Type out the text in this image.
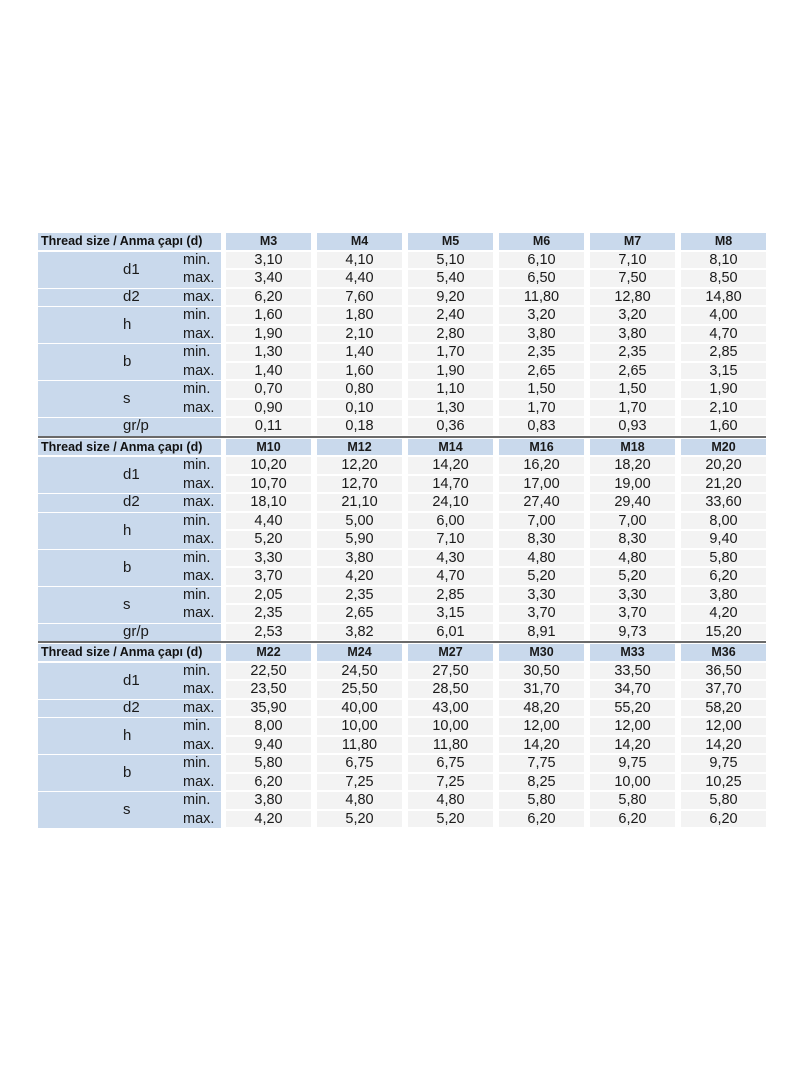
Thread size / Anma çapı (d)	M3	M4	M5	M6	M7	M8
d1
min.	3,10	4,10	5,10	6,10	7,10	8,10
max.	3,40	4,40	5,40	6,50	7,50	8,50
d2	max.	6,20	7,60	9,20	11,80	12,80	14,80
h
min.	1,60	1,80	2,40	3,20	3,20	4,00
max.	1,90	2,10	2,80	3,80	3,80	4,70
b
min.	1,30	1,40	1,70	2,35	2,35	2,85
max.	1,40	1,60	1,90	2,65	2,65	3,15
s
min.	0,70	0,80	1,10	1,50	1,50	1,90
max.	0,90	0,10	1,30	1,70	1,70	2,10
gr/p	0,11	0,18	0,36	0,83	0,93	1,60
Thread size / Anma çapı (d)	M10	M12	M14	M16	M18	M20
d1
min.	10,20	12,20	14,20	16,20	18,20	20,20
max.	10,70	12,70	14,70	17,00	19,00	21,20
d2	max.	18,10	21,10	24,10	27,40	29,40	33,60
h
min.	4,40	5,00	6,00	7,00	7,00	8,00
max.	5,20	5,90	7,10	8,30	8,30	9,40
b
min.	3,30	3,80	4,30	4,80	4,80	5,80
max.	3,70	4,20	4,70	5,20	5,20	6,20
s
min.	2,05	2,35	2,85	3,30	3,30	3,80
max.	2,35	2,65	3,15	3,70	3,70	4,20
gr/p	2,53	3,82	6,01	8,91	9,73	15,20
Thread size / Anma çapı (d)	M22	M24	M27	M30	M33	M36
d1
min.	22,50	24,50	27,50	30,50	33,50	36,50
max.	23,50	25,50	28,50	31,70	34,70	37,70
d2	max.	35,90	40,00	43,00	48,20	55,20	58,20
h
min.	8,00	10,00	10,00	12,00	12,00	12,00
max.	9,40	11,80	11,80	14,20	14,20	14,20
b
min.	5,80	6,75	6,75	7,75	9,75	9,75
max.	6,20	7,25	7,25	8,25	10,00	10,25
s
min.	3,80	4,80	4,80	5,80	5,80	5,80
max.	4,20	5,20	5,20	6,20	6,20	6,20
